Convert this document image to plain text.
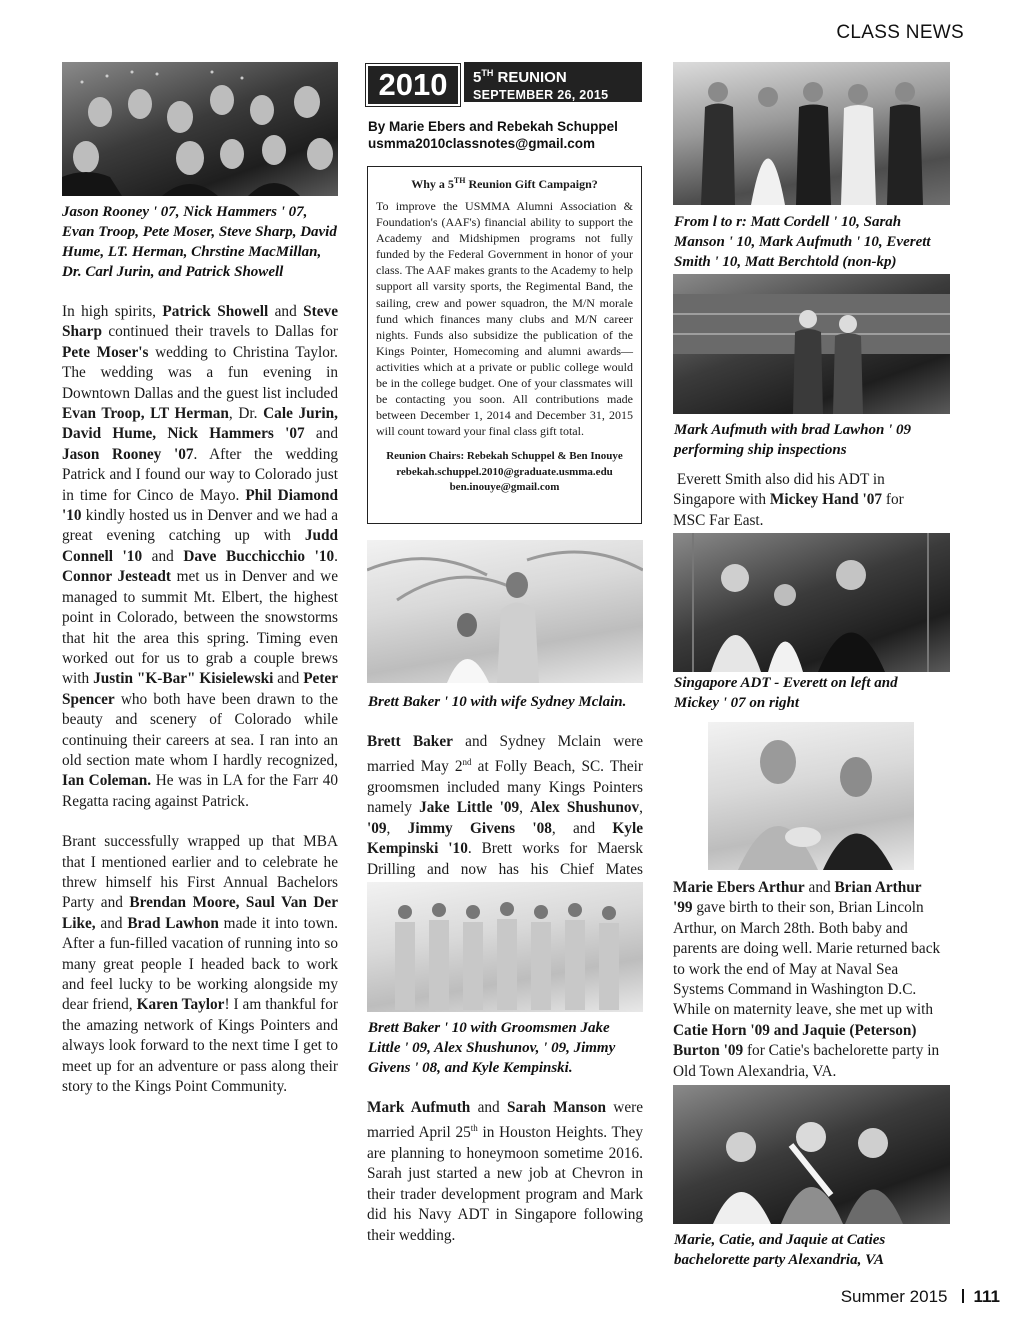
CLASS NEWS
Jason Rooney ' 07, Nick Hammers ' 07, Evan Troop, Pete Moser, Steve Sharp, David Hume, LT. Herman, Chrstine MacMillan, Dr. Carl Jurin, and Patrick Showell

In high spirits, Patrick Showell and Steve Sharp continued their travels to Dallas for Pete Moser's wedding to Christina Taylor. The wedding was a fun evening in Downtown Dallas and the guest list included Evan Troop, LT Herman, Dr. Cale Jurin, David Hume, Nick Hammers '07 and Jason Rooney '07. After the wedding Patrick and I found our way to Colorado just in time for Cinco de Mayo. Phil Diamond '10 kindly hosted us in Denver and we had a great evening catching up with Judd Connell '10 and Dave Bucchicchio '10. Connor Jesteadt met us in Denver and we managed to summit Mt. Elbert, the highest point in Colorado, between the snowstorms that hit the area this spring. Timing even worked out for us to grab a couple brews with Justin "K-Bar" Kisielewski and Peter Spencer who both have been drawn to the beauty and scenery of Colorado while continuing their careers at sea. I ran into an old section mate whom I hardly recognized, Ian Coleman. He was in LA for the Farr 40 Regatta racing against Patrick.

Brant successfully wrapped up that MBA that I mentioned earlier and to celebrate he threw himself his First Annual Bachelors Party and Brendan Moore, Saul Van Der Like, and Brad Lawhon made it into town. After a fun-filled vacation of running into so many great people I headed back to work and feel lucky to be working alongside my dear friend, Karen Taylor! I am thankful for the amazing network of Kings Pointers and always look forward to the next time I get to meet up for an adventure or pass along their story to the Kings Point Community.

2010	5TH REUNION
SEPTEMBER 26, 2015
By Marie Ebers and Rebekah Schuppel
usmma2010classnotes@gmail.com
Why a 5TH Reunion Gift Campaign?
To improve the USMMA Alumni Association & Foundation's (AAF's) financial ability to support the Academy and Midshipmen programs not fully funded by the Federal Government in honor of your class. The AAF makes grants to the Academy to help support all varsity sports, the Regimental Band, the sailing, crew and power squadron, the M/N morale fund which finances many clubs and M/N career nights. Funds also subsidize the publication of the Kings Pointer, Homecoming and alumni awards—activities which at a private or public college would be in the college budget. One of your classmates will be contacting you soon. All contributions made between December 1, 2014 and December 31, 2015 will count toward your final class gift total.
Reunion Chairs: Rebekah Schuppel & Ben Inouye
rebekah.schuppel.2010@graduate.usmma.edu
ben.inouye@gmail.com
Brett Baker ' 10 with wife Sydney Mclain.

Brett Baker and Sydney Mclain were married May 2nd at Folly Beach, SC. Their groomsmen included many Kings Pointers namely Jake Little '09, Alex Shushunov, '09, Jimmy Givens '08, and Kyle Kempinski '10. Brett works for Maersk Drilling and now has his Chief Mates

Brett Baker ' 10 with Groomsmen Jake Little ' 09, Alex Shushunov, ' 09, Jimmy Givens ' 08, and Kyle Kempinski.

Mark Aufmuth and Sarah Manson were married April 25th in Houston Heights. They are planning to honeymoon sometime 2016. Sarah just started a new job at Chevron in their trader development program and Mark did his Navy ADT in Singapore following their wedding.

From l to r: Matt Cordell ' 10, Sarah Manson ' 10, Mark Aufmuth ' 10, Everett Smith ' 10, Matt Berchtold (non-kp)
Mark Aufmuth with brad Lawhon ' 09 performing ship inspections

Everett Smith also did his ADT in Singapore with Mickey Hand '07 for MSC Far East.

Singapore ADT - Everett on left and Mickey ' 07 on right

Marie Ebers Arthur and Brian Arthur '99 gave birth to their son, Brian Lincoln Arthur, on March 28th. Both baby and parents are doing well. Marie returned back to work the end of May at Naval Sea Systems Command in Washington D.C. While on maternity leave, she met up with Catie Horn '09 and Jaquie (Peterson) Burton '09 for Catie's bachelorette party in Old Town Alexandria, VA.

Marie, Catie, and Jaquie at Caties bachelorette party Alexandria, VA
Summer 2015 111
